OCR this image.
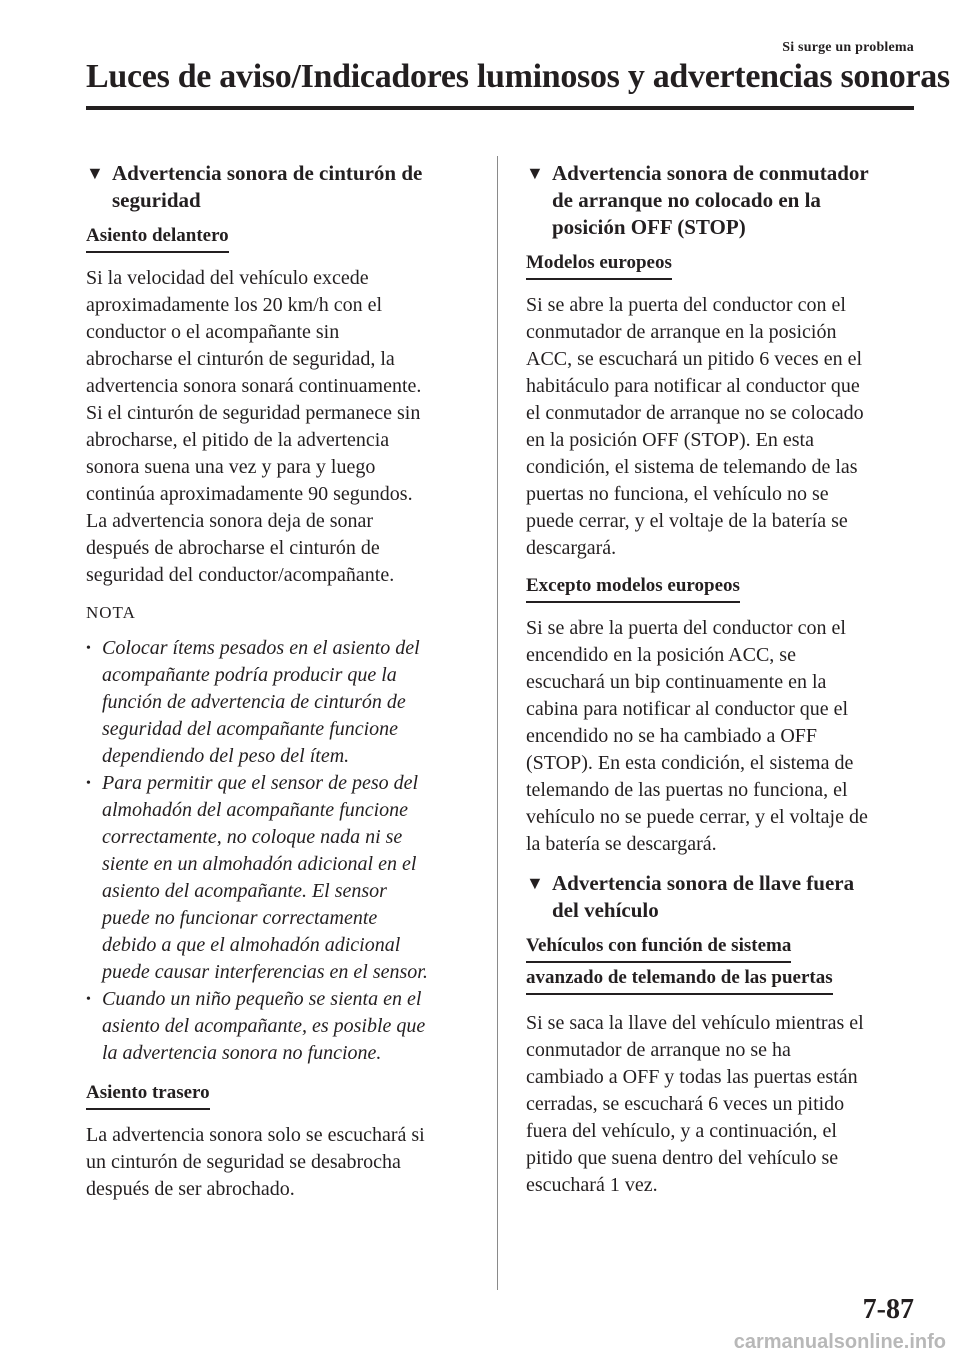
Si surge un problema
Luces de aviso/Indicadores luminosos y advertencias sonoras
▼ Advertencia sonora de cinturón de
seguridad
Asiento delantero
Si la velocidad del vehículo excede
aproximadamente los 20 km/h con el
conductor o el acompañante sin
abrocharse el cinturón de seguridad, la
advertencia sonora sonará continuamente.
Si el cinturón de seguridad permanece sin
abrocharse, el pitido de la advertencia
sonora suena una vez y para y luego
continúa aproximadamente 90 segundos.
La advertencia sonora deja de sonar
después de abrocharse el cinturón de
seguridad del conductor/acompañante.
NOTA
• Colocar ítems pesados en el asiento del
acompañante podría producir que la
función de advertencia de cinturón de
seguridad del acompañante funcione
dependiendo del peso del ítem.
• Para permitir que el sensor de peso del
almohadón del acompañante funcione
correctamente, no coloque nada ni se
siente en un almohadón adicional en el
asiento del acompañante. El sensor
puede no funcionar correctamente
debido a que el almohadón adicional
puede causar interferencias en el sensor.
• Cuando un niño pequeño se sienta en el
asiento del acompañante, es posible que
la advertencia sonora no funcione.
Asiento trasero
La advertencia sonora solo se escuchará si
un cinturón de seguridad se desabrocha
después de ser abrochado.
▼ Advertencia sonora de conmutador
de arranque no colocado en la
posición OFF (STOP)
Modelos europeos
Si se abre la puerta del conductor con el
conmutador de arranque en la posición
ACC, se escuchará un pitido 6 veces en el
habitáculo para notificar al conductor que
el conmutador de arranque no se colocado
en la posición OFF (STOP). En esta
condición, el sistema de telemando de las
puertas no funciona, el vehículo no se
puede cerrar, y el voltaje de la batería se
descargará.
Excepto modelos europeos
Si se abre la puerta del conductor con el
encendido en la posición ACC, se
escuchará un bip continuamente en la
cabina para notificar al conductor que el
encendido no se ha cambiado a OFF
(STOP). En esta condición, el sistema de
telemando de las puertas no funciona, el
vehículo no se puede cerrar, y el voltaje de
la batería se descargará.
▼ Advertencia sonora de llave fuera
del vehículo
Vehículos con función de sistema
avanzado de telemando de las puertas
Si se saca la llave del vehículo mientras el
conmutador de arranque no se ha
cambiado a OFF y todas las puertas están
cerradas, se escuchará 6 veces un pitido
fuera del vehículo, y a continuación, el
pitido que suena dentro del vehículo se
escuchará 1 vez.
7-87
carmanualsonline.info
